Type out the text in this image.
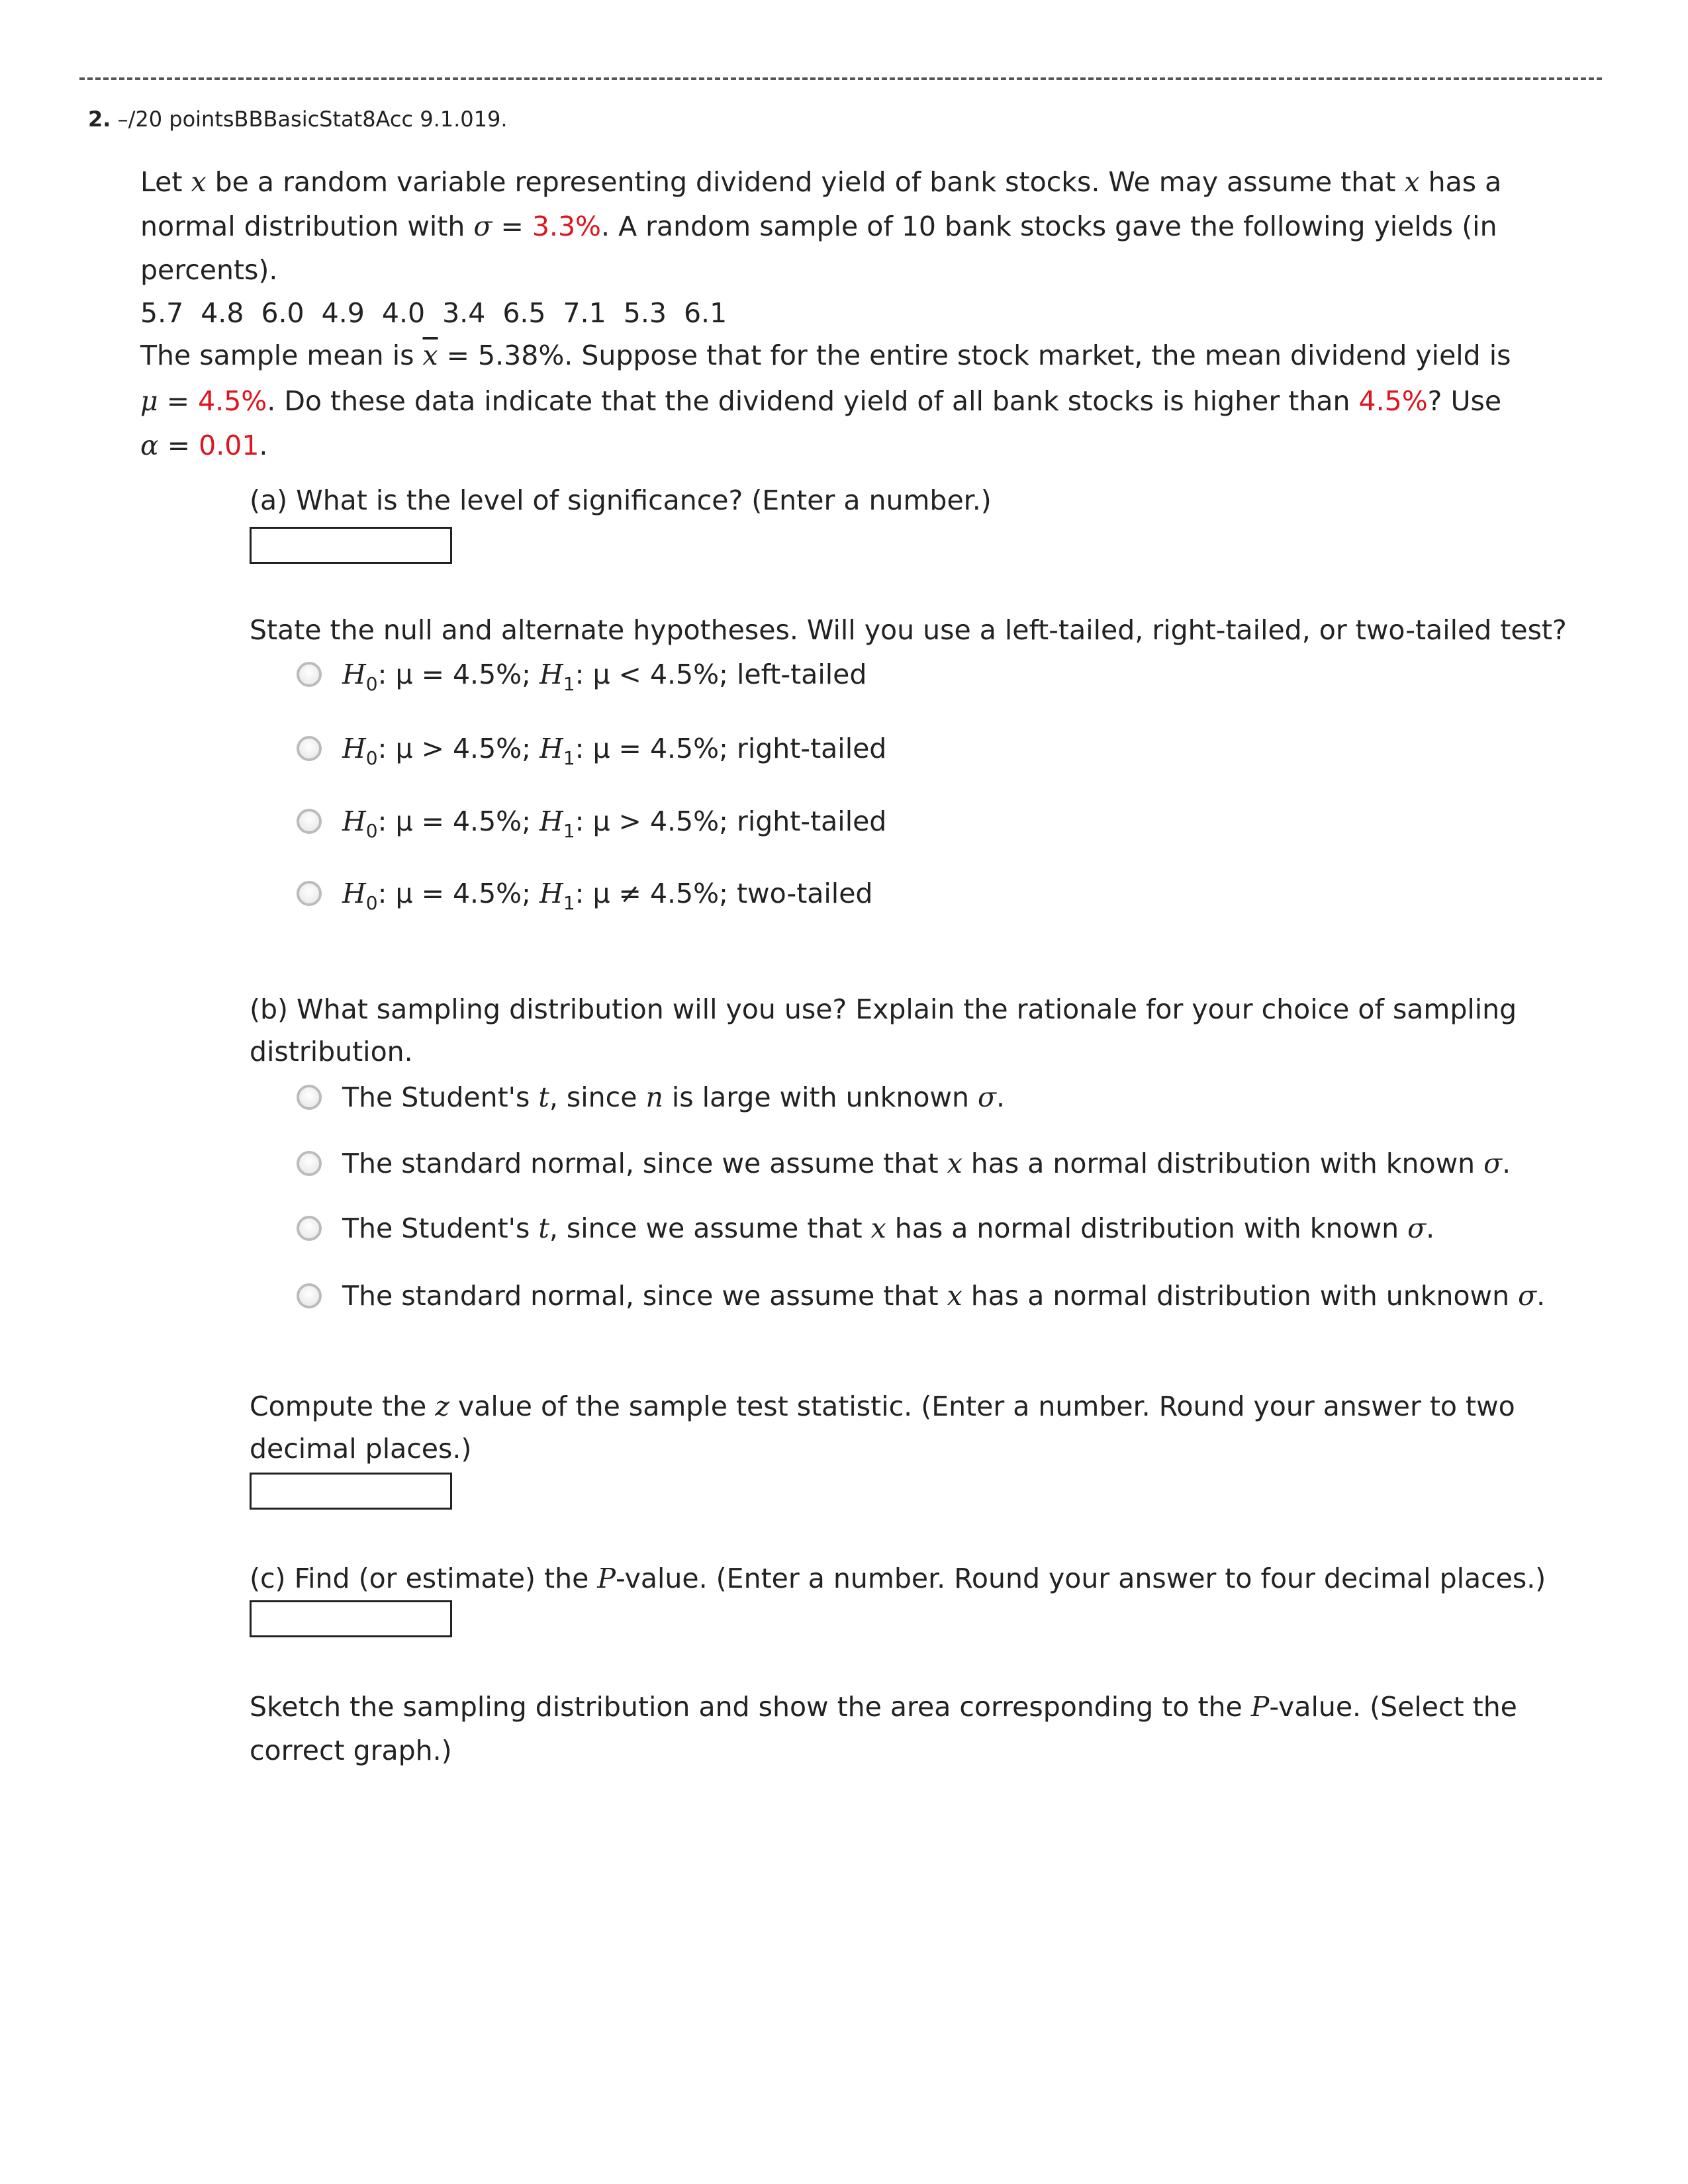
2. –/20 pointsBBBasicStat8Acc 9.1.019.
Let x be a random variable representing dividend yield of bank stocks. We may assume that x has a
normal distribution with σ = 3.3%. A random sample of 10 bank stocks gave the following yields (in
percents).
5.7 4.8 6.0 4.9 4.0 3.4 6.5 7.1 5.3 6.1
The sample mean is $\overline{x} = 5.38\%$. Suppose that for the entire stock market, the mean dividend yield is
μ = 4.5%. Do these data indicate that the dividend yield of all bank stocks is higher than 4.5%? Use
α = 0.01.
(a) What is the level of significance? (Enter a number.)
State the null and alternate hypotheses. Will you use a left-tailed, right-tailed, or two-tailed test?
$H_0$: μ = 4.5%; $H_1$: μ < 4.5%; left-tailed
$H_0$: μ > 4.5%; $H_1$: μ = 4.5%; right-tailed
$H_0$: μ = 4.5%; $H_1$: μ > 4.5%; right-tailed
$H_0$: μ = 4.5%; $H_1$: μ ≠ 4.5%; two-tailed
(b) What sampling distribution will you use? Explain the rationale for your choice of sampling
distribution.
The Student's t, since n is large with unknown σ.
The standard normal, since we assume that x has a normal distribution with known σ.
The Student's t, since we assume that x has a normal distribution with known σ.
The standard normal, since we assume that x has a normal distribution with unknown σ.
Compute the z value of the sample test statistic. (Enter a number. Round your answer to two
decimal places.)
(c) Find (or estimate) the P-value. (Enter a number. Round your answer to four decimal places.)
Sketch the sampling distribution and show the area corresponding to the P-value. (Select the
correct graph.)
